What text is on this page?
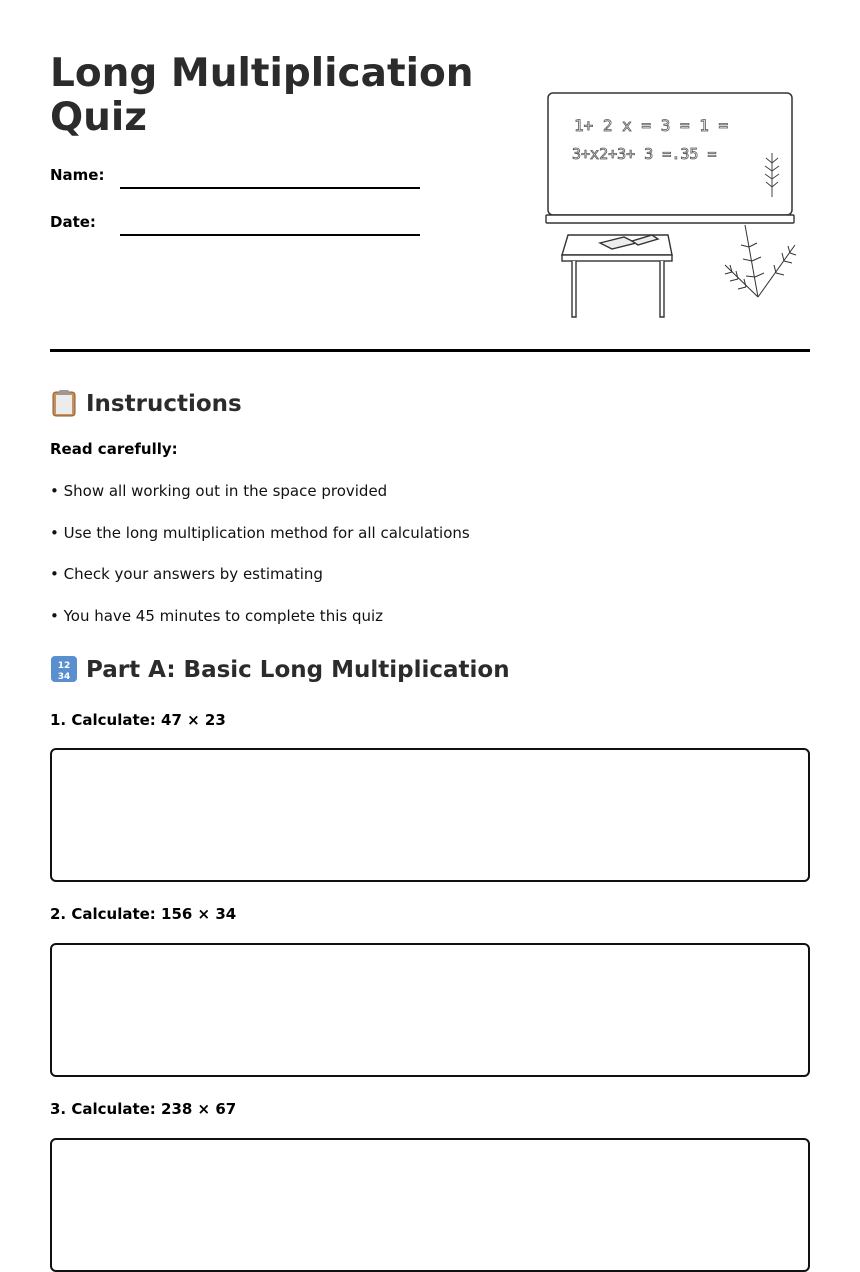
Long Multiplication Quiz
Name:
Date:
1+ 2 x = 3 = 1 =
3+x2+3+ 3 =.35 =
Instructions
Read carefully:
• Show all working out in the space provided
• Use the long multiplication method for all calculations
• Check your answers by estimating
• You have 45 minutes to complete this quiz
12
34 Part A: Basic Long Multiplication
1. Calculate: 47 × 23
2. Calculate: 156 × 34
3. Calculate: 238 × 67
